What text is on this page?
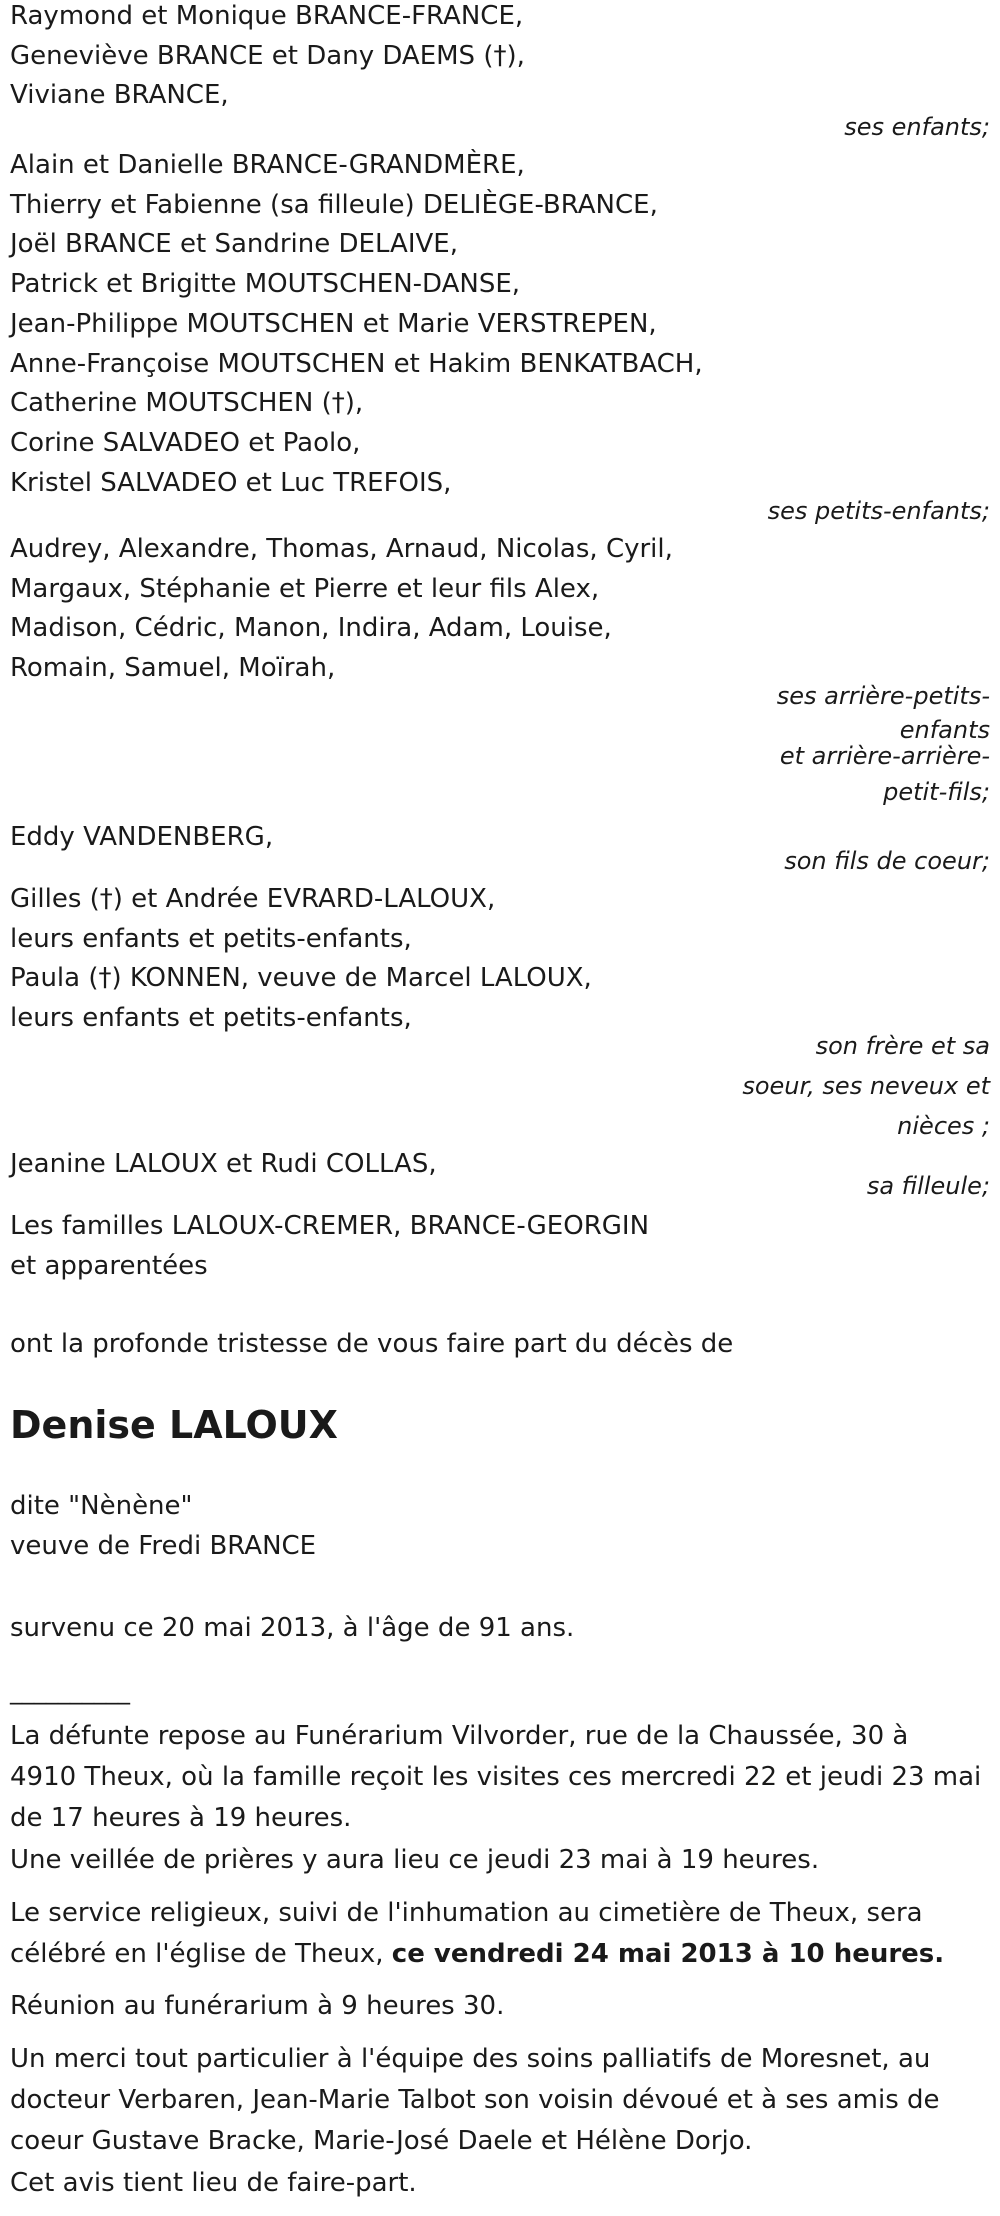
Raymond et Monique BRANCE-FRANCE,
Geneviève BRANCE et Dany DAEMS (†),
Viviane BRANCE,
ses enfants;
Alain et Danielle BRANCE-GRANDMÈRE,
Thierry et Fabienne (sa filleule) DELIÈGE-BRANCE,
Joël BRANCE et Sandrine DELAIVE,
Patrick et Brigitte MOUTSCHEN-DANSE,
Jean-Philippe MOUTSCHEN et Marie VERSTREPEN,
Anne-Françoise MOUTSCHEN et Hakim BENKATBACH,
Catherine MOUTSCHEN (†),
Corine SALVADEO et Paolo,
Kristel SALVADEO et Luc TREFOIS,
ses petits-enfants;
Audrey, Alexandre, Thomas, Arnaud, Nicolas, Cyril,
Margaux, Stéphanie et Pierre et leur fils Alex,
Madison, Cédric, Manon, Indira, Adam, Louise,
Romain, Samuel, Moïrah,
ses arrière-petits-
enfants
et arrière-arrière-
petit-fils;
Eddy VANDENBERG,
son fils de coeur;
Gilles (†) et Andrée EVRARD-LALOUX,
leurs enfants et petits-enfants,
Paula (†) KONNEN, veuve de Marcel LALOUX,
leurs enfants et petits-enfants,
son frère et sa
soeur, ses neveux et
nièces ;
Jeanine LALOUX et Rudi COLLAS,
sa filleule;
Les familles LALOUX-CREMER, BRANCE-GEORGIN
et apparentées
ont la profonde tristesse de vous faire part du décès de
Denise LALOUX
dite "Nènène"
veuve de Fredi BRANCE
survenu ce 20 mai 2013, à l'âge de 91 ans.
__________
La défunte repose au Funérarium Vilvorder, rue de la Chaussée, 30 à
4910 Theux, où la famille reçoit les visites ces mercredi 22 et jeudi 23 mai
de 17 heures à 19 heures.
Une veillée de prières y aura lieu ce jeudi 23 mai à 19 heures.
Le service religieux, suivi de l'inhumation au cimetière de Theux, sera
célébré en l'église de Theux, ce vendredi 24 mai 2013 à 10 heures.
Réunion au funérarium à 9 heures 30.
Un merci tout particulier à l'équipe des soins palliatifs de Moresnet, au
docteur Verbaren, Jean-Marie Talbot son voisin dévoué et à ses amis de
coeur Gustave Bracke, Marie-José Daele et Hélène Dorjo.
Cet avis tient lieu de faire-part.
